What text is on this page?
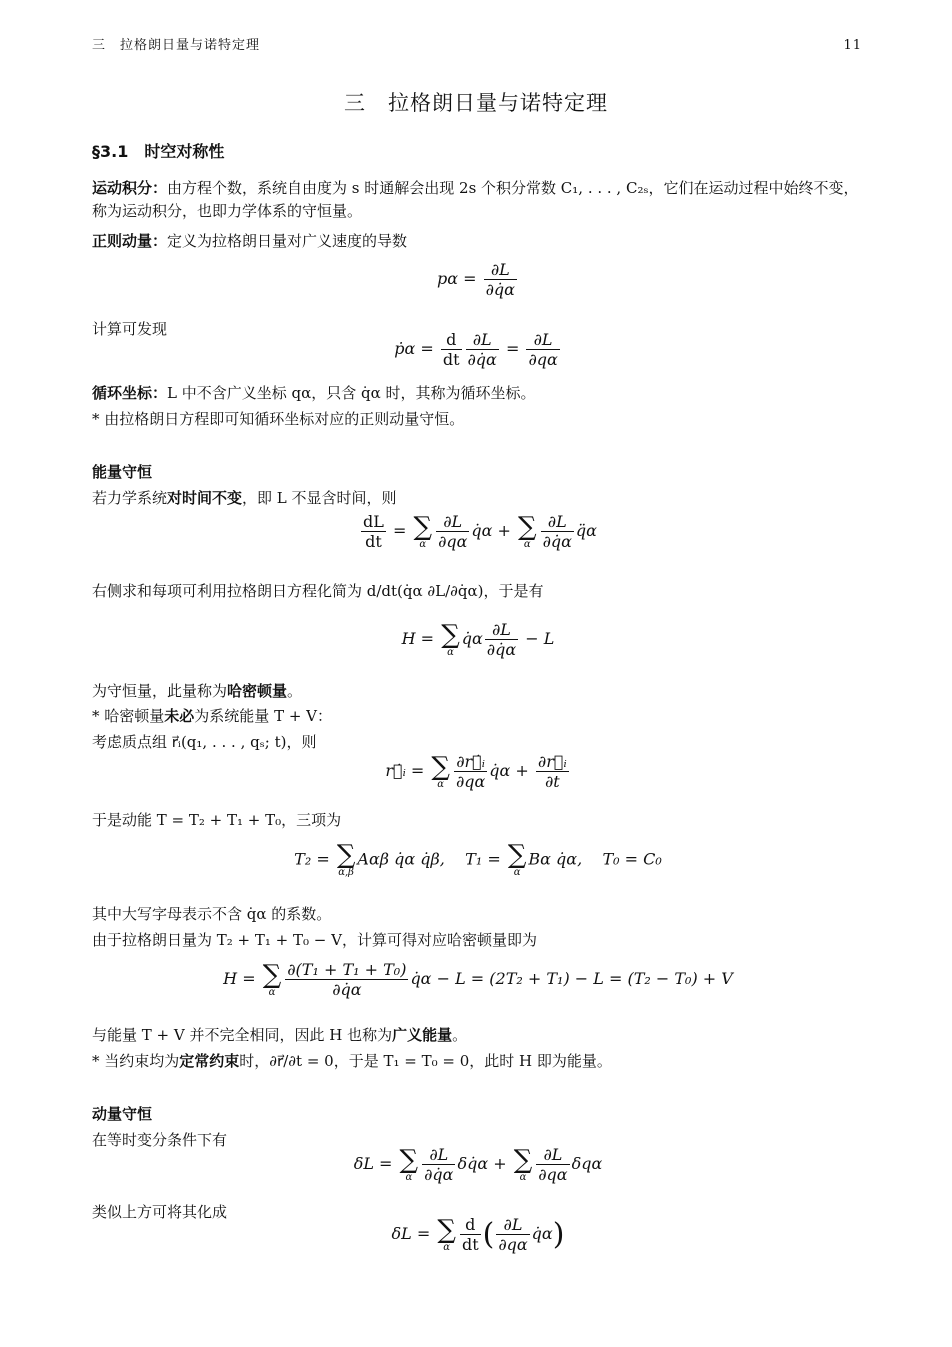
三　拉格朗日量与诺特定理	11
三　拉格朗日量与诺特定理
§3.1　时空对称性
运动积分：由方程个数，系统自由度为 s 时通解会出现 2s 个积分常数 C₁, . . . , C₂ₛ，它们在运动过程中始终不变，称为运动积分，也即力学体系的守恒量。
正则动量：定义为拉格朗日量对广义速度的导数
$p\alpha = \frac{\partial L}{\partial q̇\alpha}$
计算可发现
ṗα = $\frac{d}{dt} \frac{\partial L}{\partial q̇\alpha} = \frac{\partial L}{\partial q\alpha}$
循环坐标：L 中不含广义坐标 qα，只含 q̇α 时，其称为循环坐标。
* 由拉格朗日方程即可知循环坐标对应的正则动量守恒。
能量守恒
若力学系统对时间不变，即 L 不显含时间，则
$\frac{dL}{dt}$ = ∑
α $\frac{\partial L}{\partial q\alpha}$ q̇α + ∑
α $\frac{\partial L}{\partial q̇\alpha}$ q̈α
右侧求和每项可利用拉格朗日方程化简为 d/dt(q̇α ∂L/∂q̇α)，于是有
H = ∑
α
q̇α $\frac{\partial L}{\partial q̇\alpha} - L$
为守恒量，此量称为哈密顿量。
* 哈密顿量未必为系统能量 T + V：
考虑质点组 r⃗ᵢ(q₁, . . . , qₛ; t)，则
r⃗̇ᵢ = ∑
α $\frac{\text{∂r⃗̇ᵢ}}{\partial q\alpha}$ q̇α + $\frac{\text{∂r⃗ᵢ}}{\partial t}$
于是动能 T = T₂ + T₁ + T₀，三项为
T₂ = ∑
α,β
Aαβ q̇α q̇β, T₁ = ∑
α
Bα q̇α, T₀ = C₀
其中大写字母表示不含 q̇α 的系数。
由于拉格朗日量为 T₂ + T₁ + T₀ − V，计算可得对应哈密顿量即为
H = ∑
α $\frac{\text{∂(T₁ + T₁ + T₀)}}{\partial q̇\alpha}$ q̇α − L = (2T₂ + T₁) − L = (T₂ − T₀) + V
与能量 T + V 并不完全相同，因此 H 也称为广义能量。
* 当约束均为定常约束时，∂r⃗/∂t = 0，于是 T₁ = T₀ = 0，此时 H 即为能量。
动量守恒
在等时变分条件下有
δL = ∑
α $\frac{\partial L}{\partial q̇\alpha}$ δq̇α + ∑
α $\frac{\partial L}{\partial q\alpha}$ δqα
类似上方可将其化成
δL = ∑
α $\frac{d}{dt}$ ( $\frac{\partial L}{\partial q\alpha}$ q̇α)
